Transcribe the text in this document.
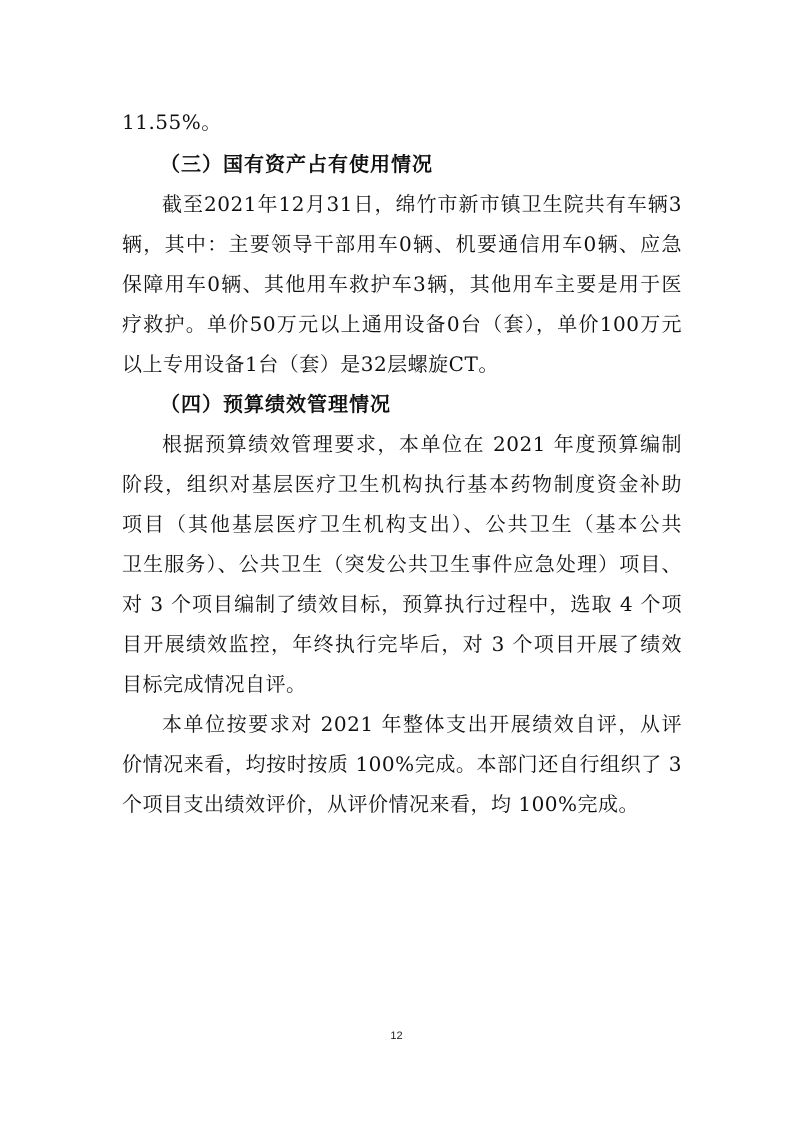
11.55%。
（三）国有资产占有使用情况
截至2021年12月31日，绵竹市新市镇卫生院共有车辆3
辆，其中：主要领导干部用车0辆、机要通信用车0辆、应急
保障用车0辆、其他用车救护车3辆，其他用车主要是用于医
疗救护。单价50万元以上通用设备0台（套），单价100万元
以上专用设备1台（套）是32层螺旋CT。
（四）预算绩效管理情况
根据预算绩效管理要求，本单位在 2021 年度预算编制
阶段，组织对基层医疗卫生机构执行基本药物制度资金补助
项目（其他基层医疗卫生机构支出）、公共卫生（基本公共
卫生服务）、公共卫生（突发公共卫生事件应急处理）项目、
对 3 个项目编制了绩效目标，预算执行过程中，选取 4 个项
目开展绩效监控，年终执行完毕后，对 3 个项目开展了绩效
目标完成情况自评。
本单位按要求对 2021 年整体支出开展绩效自评，从评
价情况来看，均按时按质 100%完成。本部门还自行组织了 3
个项目支出绩效评价，从评价情况来看，均 100%完成。
12
